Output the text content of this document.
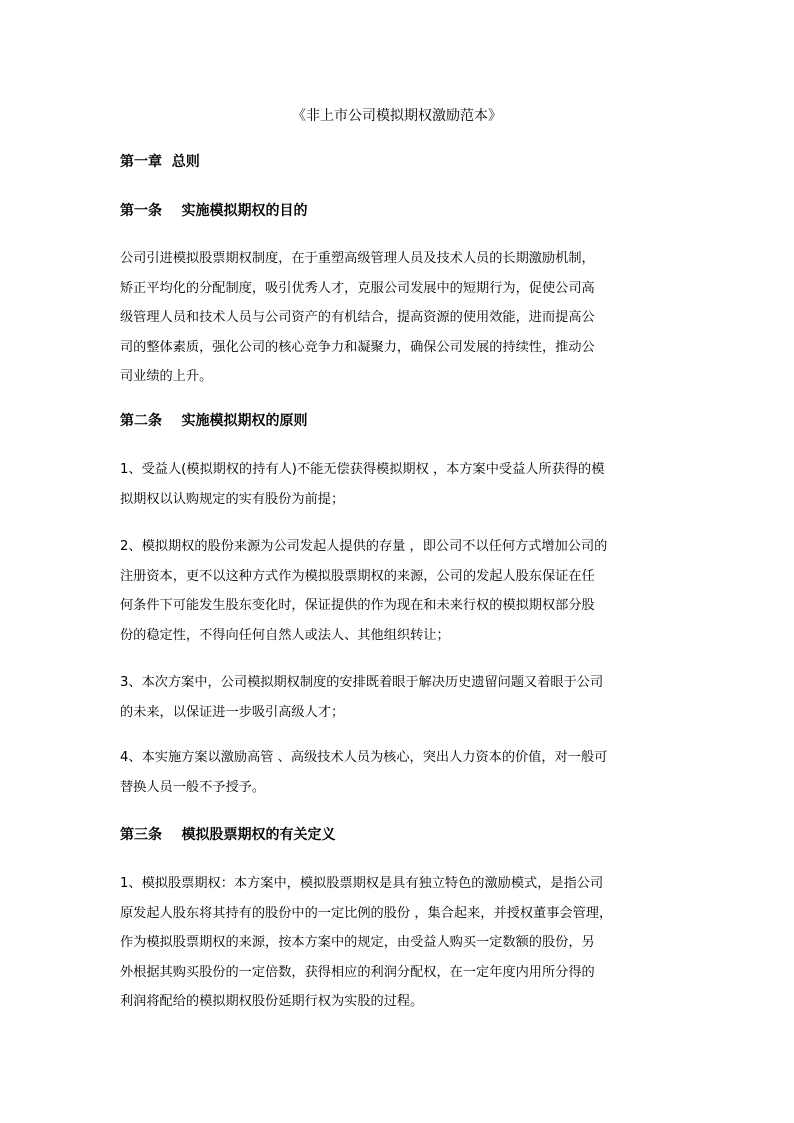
《非上市公司模拟期权激励范本》
第一章  总则
第一条    实施模拟期权的目的
公司引进模拟股票期权制度，在于重塑高级管理人员及技术人员的长期激励机制，
矫正平均化的分配制度，吸引优秀人才，克服公司发展中的短期行为，促使公司高
级管理人员和技术人员与公司资产的有机结合，提高资源的使用效能，进而提高公
司的整体素质，强化公司的核心竞争力和凝聚力，确保公司发展的持续性，推动公
司业绩的上升。
第二条    实施模拟期权的原则
1、受益人(模拟期权的持有人)不能无偿获得模拟期权 ，本方案中受益人所获得的模
拟期权以认购规定的实有股份为前提；
2、模拟期权的股份来源为公司发起人提供的存量 ，即公司不以任何方式增加公司的
注册资本，更不以这种方式作为模拟股票期权的来源，公司的发起人股东保证在任
何条件下可能发生股东变化时，保证提供的作为现在和未来行权的模拟期权部分股
份的稳定性，不得向任何自然人或法人、其他组织转让；
3、本次方案中，公司模拟期权制度的安排既着眼于解决历史遗留问题又着眼于公司
的未来，以保证进一步吸引高级人才；
4、本实施方案以激励高管 、高级技术人员为核心，突出人力资本的价值，对一般可
替换人员一般不予授予。
第三条    模拟股票期权的有关定义
1、模拟股票期权：本方案中，模拟股票期权是具有独立特色的激励模式，是指公司
原发起人股东将其持有的股份中的一定比例的股份 ，集合起来，并授权董事会管理，
作为模拟股票期权的来源，按本方案中的规定，由受益人购买一定数额的股份，另
外根据其购买股份的一定倍数，获得相应的利润分配权，在一定年度内用所分得的
利润将配给的模拟期权股份延期行权为实股的过程。
